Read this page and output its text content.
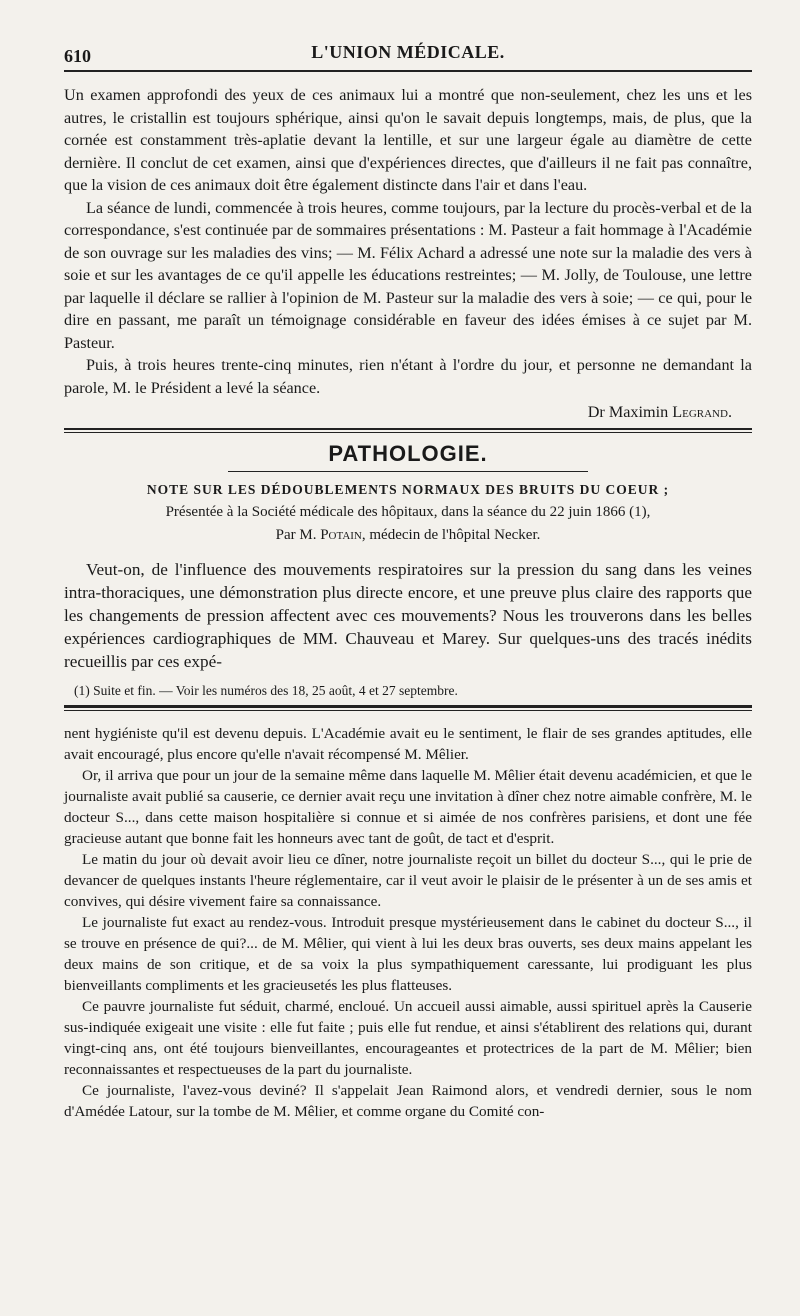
610	L'UNION MÉDICALE.

Un examen approfondi des yeux de ces animaux lui a montré que non-seulement, chez les uns et les autres, le cristallin est toujours sphérique, ainsi qu'on le savait depuis longtemps, mais, de plus, que la cornée est constamment très-aplatie devant la lentille, et sur une largeur égale au diamètre de cette dernière. Il conclut de cet examen, ainsi que d'expériences directes, que d'ailleurs il ne fait pas connaître, que la vision de ces animaux doit être également distincte dans l'air et dans l'eau.

La séance de lundi, commencée à trois heures, comme toujours, par la lecture du procès-verbal et de la correspondance, s'est continuée par de sommaires présentations : M. Pasteur a fait hommage à l'Académie de son ouvrage sur les maladies des vins; — M. Félix Achard a adressé une note sur la maladie des vers à soie et sur les avantages de ce qu'il appelle les éducations restreintes; — M. Jolly, de Toulouse, une lettre par laquelle il déclare se rallier à l'opinion de M. Pasteur sur la maladie des vers à soie; — ce qui, pour le dire en passant, me paraît un témoignage considérable en faveur des idées émises à ce sujet par M. Pasteur.

Puis, à trois heures trente-cinq minutes, rien n'étant à l'ordre du jour, et personne ne demandant la parole, M. le Président a levé la séance.

Dr Maximin Legrand.
PATHOLOGIE.
NOTE SUR LES DÉDOUBLEMENTS NORMAUX DES BRUITS DU COEUR ;
Présentée à la Société médicale des hôpitaux, dans la séance du 22 juin 1866 (1),
Par M. Potain, médecin de l'hôpital Necker.

Veut-on, de l'influence des mouvements respiratoires sur la pression du sang dans les veines intra-thoraciques, une démonstration plus directe encore, et une preuve plus claire des rapports que les changements de pression affectent avec ces mouvements? Nous les trouverons dans les belles expériences cardiographiques de MM. Chauveau et Marey. Sur quelques-uns des tracés inédits recueillis par ces expé-

(1) Suite et fin. — Voir les numéros des 18, 25 août, 4 et 27 septembre.

nent hygiéniste qu'il est devenu depuis. L'Académie avait eu le sentiment, le flair de ses grandes aptitudes, elle avait encouragé, plus encore qu'elle n'avait récompensé M. Mêlier.

Or, il arriva que pour un jour de la semaine même dans laquelle M. Mêlier était devenu académicien, et que le journaliste avait publié sa causerie, ce dernier avait reçu une invitation à dîner chez notre aimable confrère, M. le docteur S..., dans cette maison hospitalière si connue et si aimée de nos confrères parisiens, et dont une fée gracieuse autant que bonne fait les honneurs avec tant de goût, de tact et d'esprit.

Le matin du jour où devait avoir lieu ce dîner, notre journaliste reçoit un billet du docteur S..., qui le prie de devancer de quelques instants l'heure réglementaire, car il veut avoir le plaisir de le présenter à un de ses amis et convives, qui désire vivement faire sa connaissance.

Le journaliste fut exact au rendez-vous. Introduit presque mystérieusement dans le cabinet du docteur S..., il se trouve en présence de qui?... de M. Mêlier, qui vient à lui les deux bras ouverts, ses deux mains appelant les deux mains de son critique, et de sa voix la plus sympathiquement caressante, lui prodiguant les plus bienveillants compliments et les gracieusetés les plus flatteuses.

Ce pauvre journaliste fut séduit, charmé, encloué. Un accueil aussi aimable, aussi spirituel après la Causerie sus-indiquée exigeait une visite : elle fut faite ; puis elle fut rendue, et ainsi s'établirent des relations qui, durant vingt-cinq ans, ont été toujours bienveillantes, encourageantes et protectrices de la part de M. Mêlier; bien reconnaissantes et respectueuses de la part du journaliste.

Ce journaliste, l'avez-vous deviné? Il s'appelait Jean Raimond alors, et vendredi dernier, sous le nom d'Amédée Latour, sur la tombe de M. Mêlier, et comme organe du Comité con-
